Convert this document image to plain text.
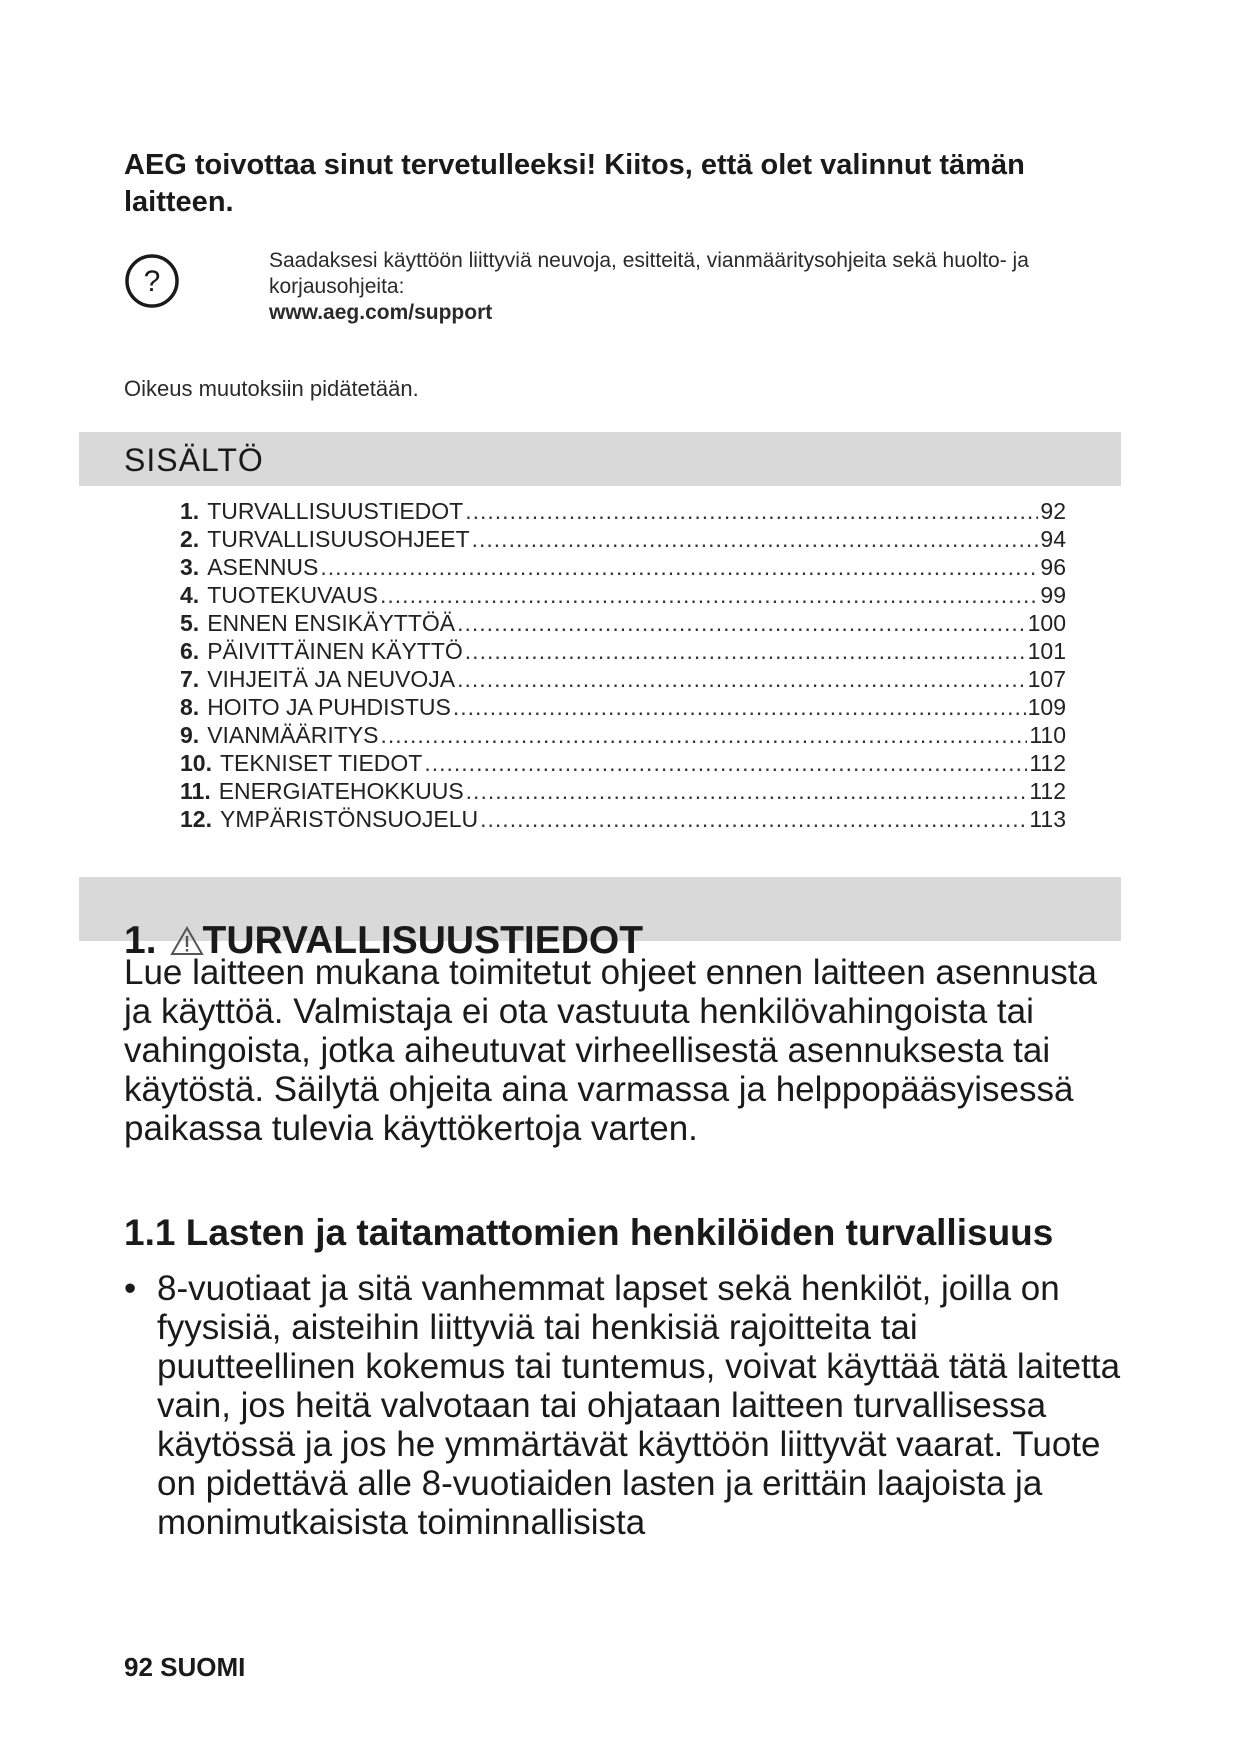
AEG toivottaa sinut tervetulleeksi! Kiitos, että olet valinnut tämän laitteen.
?
Saadaksesi käyttöön liittyviä neuvoja, esitteitä, vianmääritysohjeita sekä huolto- ja korjausohjeita:
www.aeg.com/support
Oikeus muutoksiin pidätetään.
SISÄLTÖ
1. TURVALLISUUSTIEDOT .....	92
2. TURVALLISUUSOHJEET .....	94
3. ASENNUS .....	96
4. TUOTEKUVAUS .....	99
5. ENNEN ENSIKÄYTTÖÄ .....	100
6. PÄIVITTÄINEN KÄYTTÖ .....	101
7. VIHJEITÄ JA NEUVOJA .....	107
8. HOITO JA PUHDISTUS .....	109
9. VIANMÄÄRITYS .....	110
10. TEKNISET TIEDOT .....	112
11. ENERGIATEHOKKUUS .....	112
12. YMPÄRISTÖNSUOJELU .....	113
1. TURVALLISUUSTIEDOT

Lue laitteen mukana toimitetut ohjeet ennen laitteen asennusta ja käyttöä. Valmistaja ei ota vastuuta henkilövahingoista tai vahingoista, jotka aiheutuvat virheellisestä asennuksesta tai käytöstä. Säilytä ohjeita aina varmassa ja helppopääsyisessä paikassa tulevia käyttökertoja varten.

1.1 Lasten ja taitamattomien henkilöiden turvallisuus

• 8-vuotiaat ja sitä vanhemmat lapset sekä henkilöt, joilla on fyysisiä, aisteihin liittyviä tai henkisiä rajoitteita tai puutteellinen kokemus tai tuntemus, voivat käyttää tätä laitetta vain, jos heitä valvotaan tai ohjataan laitteen turvallisessa käytössä ja jos he ymmärtävät käyttöön liittyvät vaarat. Tuote on pidettävä alle 8-vuotiaiden lasten ja erittäin laajoista ja monimutkaisista toiminnallisista

92 SUOMI
